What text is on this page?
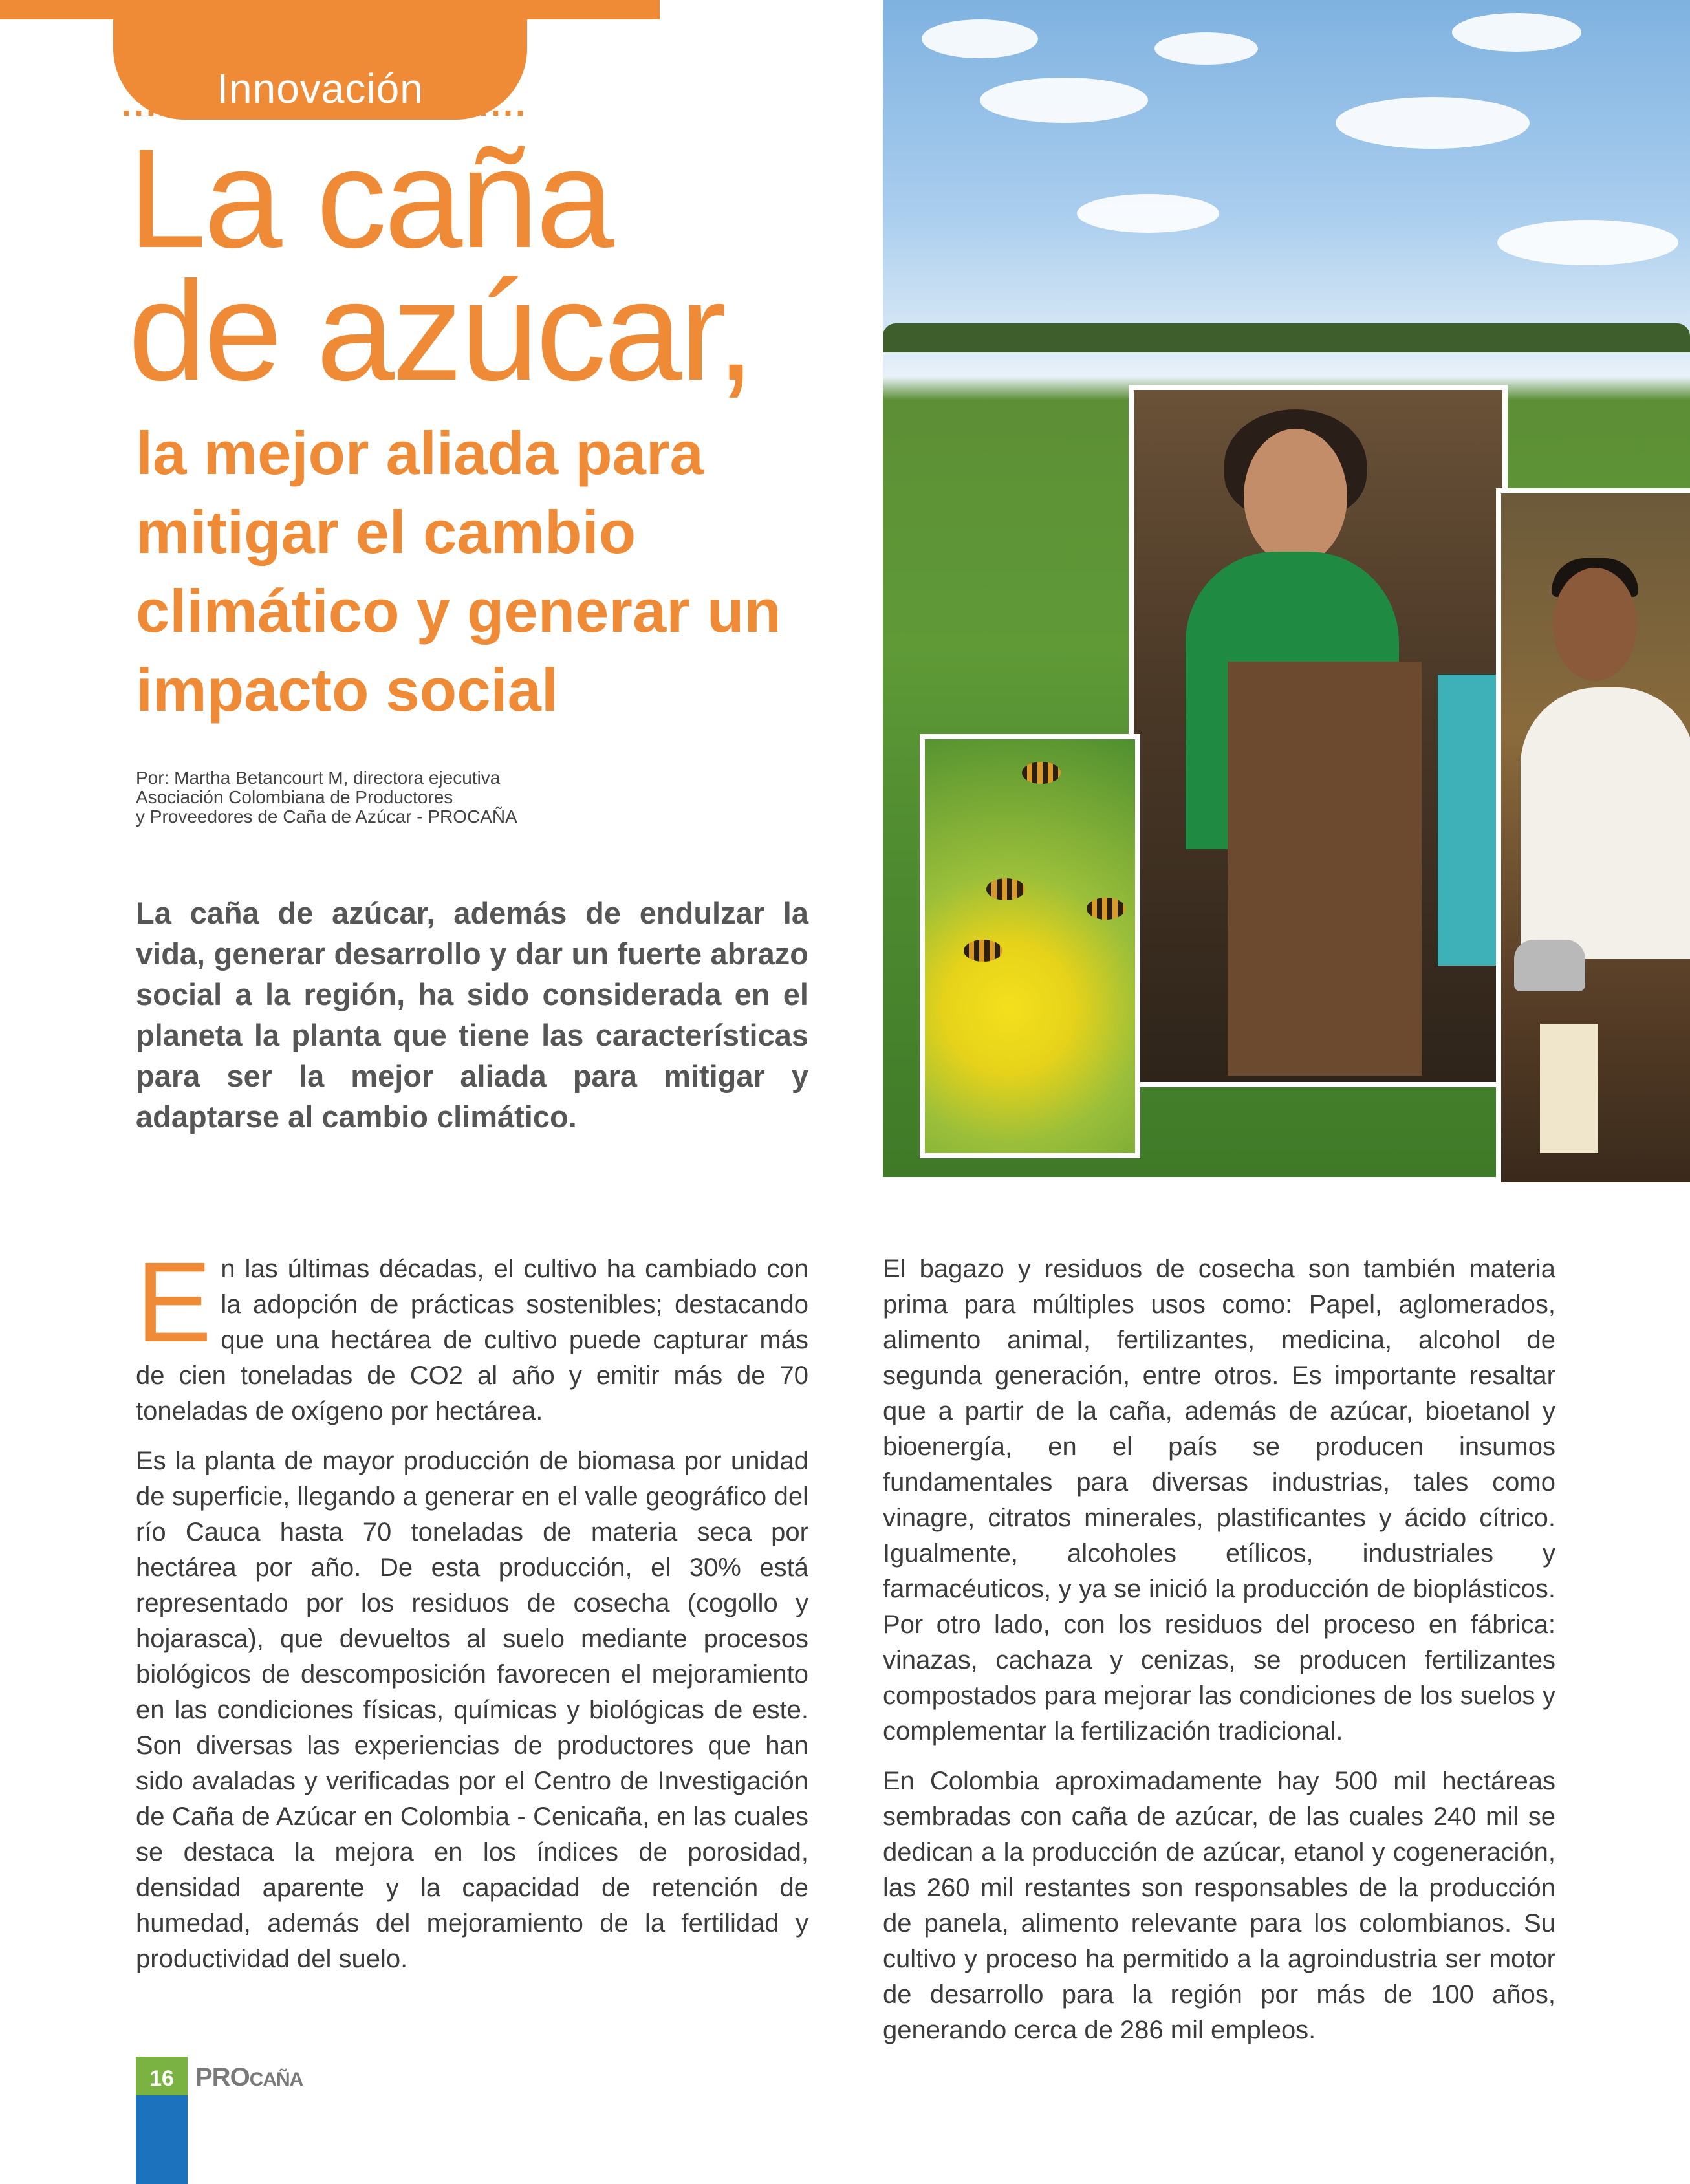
Innovación
....	....
La caña
de azúcar,
la mejor aliada para mitigar el cambio climático y generar un impacto social
Por: Martha Betancourt M, directora ejecutiva
Asociación Colombiana de Productores
y Proveedores de Caña de Azúcar - PROCAÑA
La caña de azúcar, además de endulzar la vida, generar desarrollo y dar un fuerte abrazo social a la región, ha sido considerada en el planeta la planta que tiene las características para ser la mejor aliada para mitigar y adaptarse al cambio climático.

En las últimas décadas, el cultivo ha cambiado con la adopción de prácticas sostenibles; destacando que una hectárea de cultivo puede capturar más de cien toneladas de CO2 al año y emitir más de 70 toneladas de oxígeno por hectárea.

Es la planta de mayor producción de biomasa por unidad de superficie, llegando a generar en el valle geográfico del río Cauca hasta 70 toneladas de materia seca por hectárea por año. De esta producción, el 30% está representado por los residuos de cosecha (cogollo y hojarasca), que devueltos al suelo mediante procesos biológicos de descomposición favorecen el mejoramiento en las condiciones físicas, químicas y biológicas de este. Son diversas las experiencias de productores que han sido avaladas y verificadas por el Centro de Investigación de Caña de Azúcar en Colombia - Cenicaña, en las cuales se destaca la mejora en los índices de porosidad, densidad aparente y la capacidad de retención de humedad, además del mejoramiento de la fertilidad y productividad del suelo.

El bagazo y residuos de cosecha son también materia prima para múltiples usos como: Papel, aglomerados, alimento animal, fertilizantes, medicina, alcohol de segunda generación, entre otros. Es importante resaltar que a partir de la caña, además de azúcar, bioetanol y bioenergía, en el país se producen insumos fundamentales para diversas industrias, tales como vinagre, citratos minerales, plastificantes y ácido cítrico. Igualmente, alcoholes etílicos, industriales y farmacéuticos, y ya se inició la producción de bioplásticos. Por otro lado, con los residuos del proceso en fábrica: vinazas, cachaza y cenizas, se producen fertilizantes compostados para mejorar las condiciones de los suelos y complementar la fertilización tradicional.

En Colombia aproximadamente hay 500 mil hectáreas sembradas con caña de azúcar, de las cuales 240 mil se dedican a la producción de azúcar, etanol y cogeneración, las 260 mil restantes son responsables de la producción de panela, alimento relevante para los colombianos. Su cultivo y proceso ha permitido a la agroindustria ser motor de desarrollo para la región por más de 100 años, generando cerca de 286 mil empleos.

16 PROCAÑA
